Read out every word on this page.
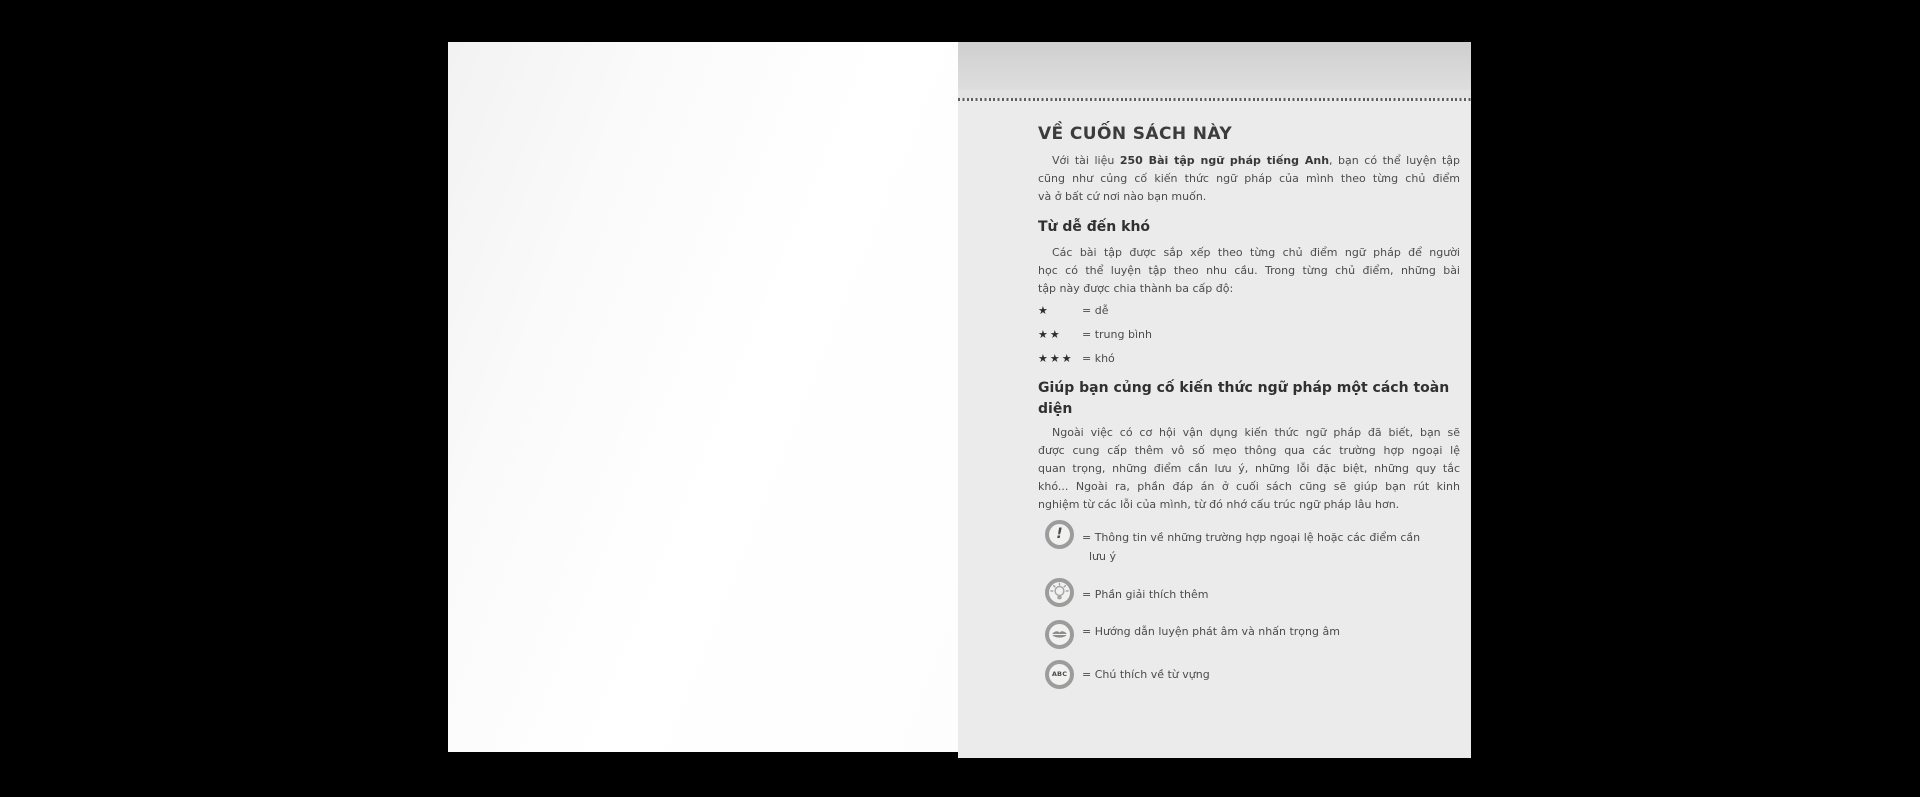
VỀ CUỐN SÁCH NÀY
Với tài liệu 250 Bài tập ngữ pháp tiếng Anh, bạn có thể luyện tập
cũng như củng cố kiến thức ngữ pháp của mình theo từng chủ điểm
và ở bất cứ nơi nào bạn muốn.
Từ dễ đến khó
Các bài tập được sắp xếp theo từng chủ điểm ngữ pháp để người
học có thể luyện tập theo nhu cầu. Trong từng chủ điểm, những bài
tập này được chia thành ba cấp độ:
★	= dễ
★★	= trung bình
★★★ = khó
Giúp bạn củng cố kiến thức ngữ pháp một cách toàn
diện
Ngoài việc có cơ hội vận dụng kiến thức ngữ pháp đã biết, bạn sẽ
được cung cấp thêm vô số mẹo thông qua các trường hợp ngoại lệ
quan trọng, những điểm cần lưu ý, những lỗi đặc biệt, những quy tắc
khó... Ngoài ra, phần đáp án ở cuối sách cũng sẽ giúp bạn rút kinh
nghiệm từ các lỗi của mình, từ đó nhớ cấu trúc ngữ pháp lâu hơn.
! = Thông tin về những trường hợp ngoại lệ hoặc các điểm cần
lưu ý
= Phần giải thích thêm
= Hướng dẫn luyện phát âm và nhấn trọng âm
ABC = Chú thích về từ vựng
